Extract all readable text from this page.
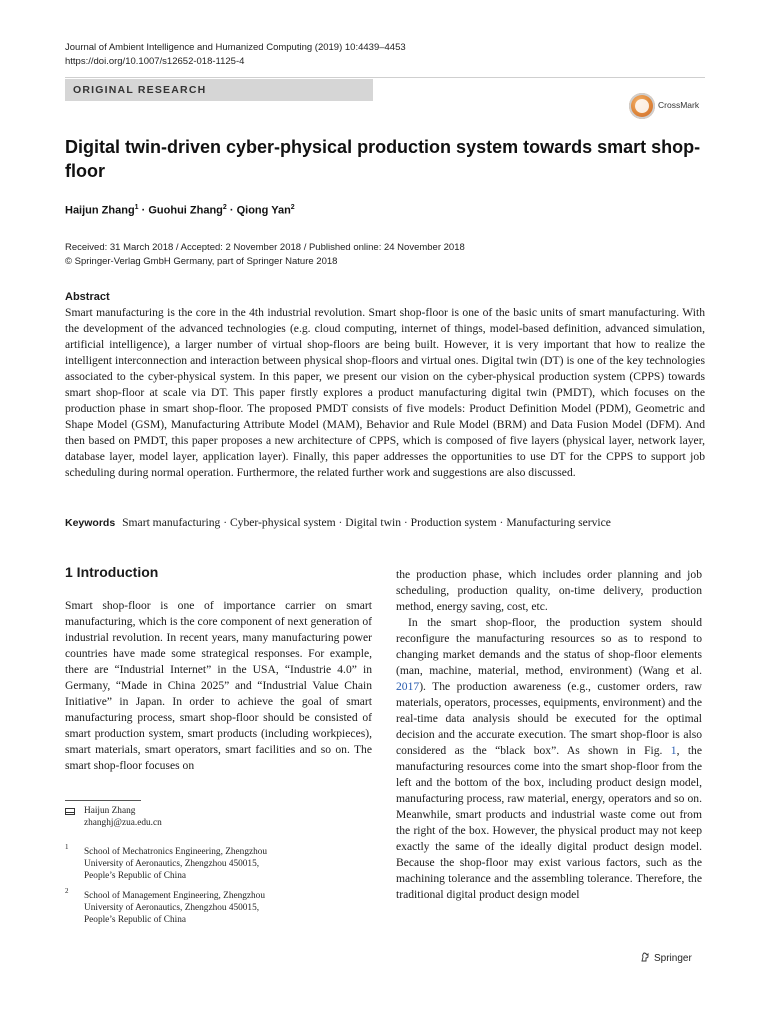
Journal of Ambient Intelligence and Humanized Computing (2019) 10:4439–4453
https://doi.org/10.1007/s12652-018-1125-4
ORIGINAL RESEARCH
CrossMark
Digital twin-driven cyber-physical production system towards smart shop-floor
Haijun Zhang$^1$ · Guohui Zhang$^2$ · Qiong Yan$^2$
Received: 31 March 2018 / Accepted: 2 November 2018 / Published online: 24 November 2018
© Springer-Verlag GmbH Germany, part of Springer Nature 2018
Abstract
Smart manufacturing is the core in the 4th industrial revolution. Smart shop-floor is one of the basic units of smart manufacturing. With the development of the advanced technologies (e.g. cloud computing, internet of things, model-based definition, advanced simulation, artificial intelligence), a larger number of virtual shop-floors are being built. However, it is very important that how to realize the intelligent interconnection and interaction between physical shop-floors and virtual ones. Digital twin (DT) is one of the key technologies associated to the cyber-physical system. In this paper, we present our vision on the cyber-physical production system (CPPS) towards smart shop-floor at scale via DT. This paper firstly explores a product manufacturing digital twin (PMDT), which focuses on the production phase in smart shop-floor. The proposed PMDT consists of five models: Product Definition Model (PDM), Geometric and Shape Model (GSM), Manufacturing Attribute Model (MAM), Behavior and Rule Model (BRM) and Data Fusion Model (DFM). And then based on PMDT, this paper proposes a new architecture of CPPS, which is composed of five layers (physical layer, network layer, database layer, model layer, application layer). Finally, this paper addresses the opportunities to use DT for the CPPS to support job scheduling during normal operation. Furthermore, the related further work and suggestions are also discussed.
Keywords Smart manufacturing · Cyber-physical system · Digital twin · Production system · Manufacturing service
1 Introduction

Smart shop-floor is one of importance carrier on smart manufacturing, which is the core component of next generation of industrial revolution. In recent years, many manufacturing power countries have made some strategical responses. For example, there are “Industrial Internet” in the USA, “Industrie 4.0” in Germany, “Made in China 2025” and “Industrial Value Chain Initiative” in Japan. In order to achieve the goal of smart manufacturing process, smart shop-floor should be consisted of smart production system, smart products (including workpieces), smart materials, smart operators, smart facilities and so on. The smart shop-floor focuses on

the production phase, which includes order planning and job scheduling, production quality, on-time delivery, production method, energy saving, cost, etc.

In the smart shop-floor, the production system should reconfigure the manufacturing resources so as to respond to changing market demands and the status of shop-floor elements (man, machine, material, method, environment) (Wang et al. 2017). The production awareness (e.g., customer orders, raw materials, operators, processes, equipments, environment) and the real-time data analysis should be executed for the optimal decision and the accurate execution. The smart shop-floor is also considered as the “black box”. As shown in Fig. 1, the manufacturing resources come into the smart shop-floor from the left and the bottom of the box, including product design model, manufacturing process, raw material, energy, operators and so on. Meanwhile, smart products and industrial waste come out from the right of the box. However, the physical product may not keep exactly the same of the ideally digital product design model. Because the shop-floor may exist various factors, such as the machining tolerance and the assembling tolerance. Therefore, the traditional digital product design model

Haijun Zhang
zhanghj@zua.edu.cn
1 School of Mechatronics Engineering, Zhengzhou
University of Aeronautics, Zhengzhou 450015,
People’s Republic of China
2 School of Management Engineering, Zhengzhou
University of Aeronautics, Zhengzhou 450015,
People’s Republic of China
Springer
